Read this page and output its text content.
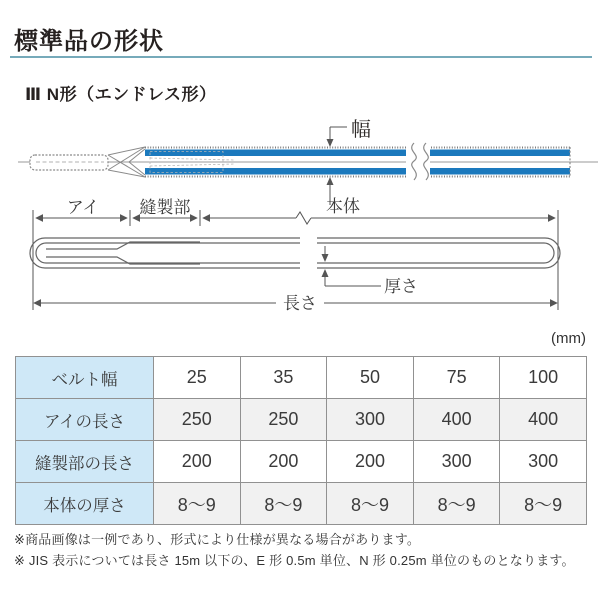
標準品の形状
Ⅲ N形（エンドレス形）
幅
アイ 縫製部	本体
厚さ
長さ
(mm)
ベルト幅	25	35	50	75	100
アイの長さ	250	250	300	400	400
縫製部の長さ	200	200	200	300	300
本体の厚さ	8〜9	8〜9	8〜9	8〜9	8〜9
※商品画像は一例であり、形式により仕様が異なる場合があります。
※ JIS 表示については長さ 15m 以下の、E 形 0.5m 単位、N 形 0.25m 単位のものとなります。
